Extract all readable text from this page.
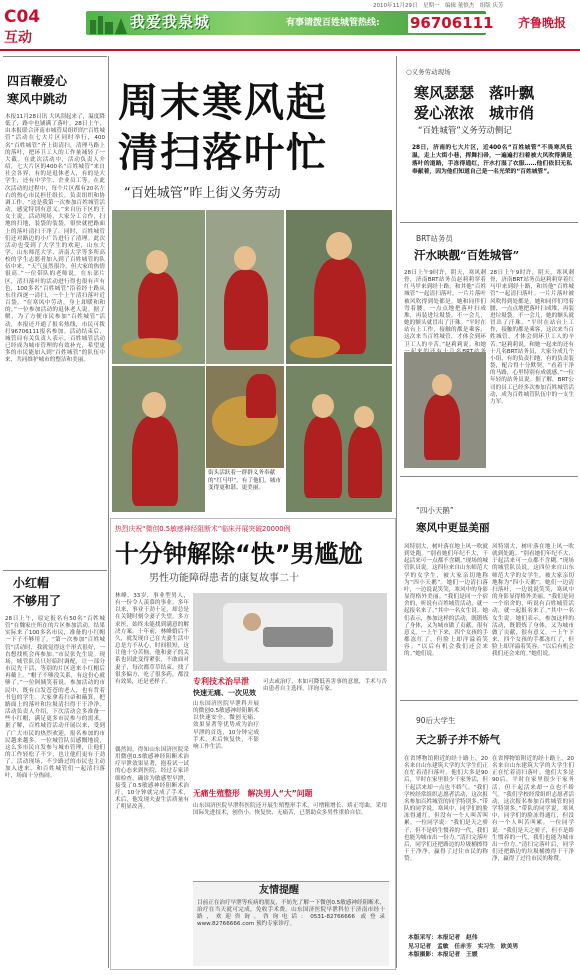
C04
互动
2010年11月29日　星期一　编辑 董慎杰　组版 庆芳
我爱我泉城	有事请拨百姓城管热线: 96706111 齐鲁晚报
四百鞭爱心
寒风中跳动
本报11月28日讯 大风刮起来了，温度降低了，路中也铺满了落叶。28日上午，由本报联合济南市城管局组织的“百姓城管”活动在七大片区同时举行，400名“百姓城管”齐上街清扫，清理马路上的落叶，把环卫工人的工作量减轻了一大截。在此次活动中，活动负责人介绍，七大片区的400名“百姓城管”来自社会各界，有的是退休老人，有的是大学生，还有中学生、企业员工等。在此次活动的过程中，每个片区都有20名左右的热心市民担任组长，负责组织和协调工作。“这是我第一次参加百姓城管活动，感觉特别有意义。”来自历下区的王女士说。活动现场，大家分工合作，扫地的扫地，装袋的装袋，很快就把路面上的落叶清扫干净了。同时，百姓城管们还对路边的小广告进行了清理。此次活动也受到了大学生的欢迎，山东大学、山东师范大学、济南大学等多所高校的学生志愿者加入到了百姓城管的队伍中来。“天气虽然很冷，但大家的热情很高。”一位带队的老师说。在东部片区，清扫落叶的活动进行得也很有声有色，100多名“百姓城管”沿着经十路从东往西逐一清扫，一个上午清扫落叶近百袋。“在寒风中劳动，身上却暖和和的。”一位参加活动的退休老人说。据了解，为了方便市民参加“百姓城管”活动，本报还开通了报名热线，市民可拨打96706111报名参加。活动结束后，城管局有关负责人表示，百姓城管活动已经成为城市管理的有效补充，希望更多的市民能加入到“百姓城管”的队伍中来，共同维护城市的整洁和美丽。
小红帽
不够用了
28日上午，原定报名有50名“百姓城管”在魏家庄所在的片区参加活动，结果实际来了100多名市民，准备的小红帽一下子不够用了。“第一次参加“百姓城管”活动时，我就觉得这个形式很好，一直想找机会再参加。”市民张先生说。现场，城管队员只好临时调配，让一部分市民先干活，等别的片区送来小红帽后再戴上。“帽子不够没关系，有这份心就够了。”一位阿姨笑着说。参加活动的市民中，既有白发苍苍的老人，也有背着书包的学生。大家拿着扫帚和簸箕，把路面上的落叶和垃圾清扫得干干净净。活动负责人介绍，下次活动会多准备一些小红帽，满足更多市民参与的需求。据了解，百姓城管活动开展以来，受到了广大市民的热烈欢迎，报名参加的市民越来越多。一位城管队员感慨地说，这么多市民自发参与城市管理，让他们的工作轻松了不少，也让他们更有干劲了。活动现场，不少路过的市民也主动加入进来，和百姓城管们一起清扫落叶，场面十分热闹。
周末寒风起
清扫落叶忙
“百姓城管”昨上街义务劳动
街头活跃着一群群义务奉献的“红马甲”，有了他们，城市变得更和谐、更美丽。
○义务劳动现场
寒风瑟瑟　落叶飘
爱心浓浓　城市俏
“百姓城管”义务劳动侧记
28日，济南的七大片区，近400名“百姓城管”不畏寒风低温，走上大街小巷，挥舞扫帚，一遍遍打扫着被大风吹得满是落叶的道路，手冻得通红，汗水打湿了衣服……他们依旧无私奉献着，因为他们知道自己是一名光荣的“百姓城管”。
BRT站务员
汗水映靓“百姓城管”
28日上午9时许，阴天，寒风刺骨，济南BRT站务员赵莉莉穿着红马甲来到经十路，和其他“百姓城管”一起清扫落叶。一片片落叶被风吹得到处都是，她和同伴们弯着腰，一点点地把落叶扫成堆，再装进垃圾袋。不一会儿，她的额头就冒出了汗珠。“平时在站台上工作，接触的都是乘客，这次来当百姓城管，才体会到环卫工人的辛苦。”赵莉莉说。和她
28日上午9时许，阴天，寒风刺骨，济南BRT站务员赵莉莉穿着红马甲来到经十路，和其他“百姓城管”一起清扫落叶。一片片落叶被风吹得到处都是，她和同伴们弯着腰，一点点地把落叶扫成堆，再装进垃圾袋。不一会儿，她的额头就冒出了汗珠。“平时在站台上工作，接触的都是乘客，这次来当百姓城管，才体会到环卫工人的辛苦。”赵莉莉说。和她一起来的还有十几名BRT站务员，大家分成几个小组，有的负责扫地，有的负责装袋，配合得十分默契。“看着干净的马路，心里特别有成就感。”一位年轻的站务员说。据了解，BRT公司的员工已经多次参加百姓城管活动，成为百姓城管队伍中的一支生力军。
“四小天鹅”
寒风中更显美丽
风特别大，树叶落在地上风一吹就到处跑。“别看她们年纪不大，干起活来可一点都不含糊。”现场的城管队员说。这四位来自山东师范大学的女学生，被大家亲切地称为“四小天鹅”。她们一边清扫落叶，一边说说笑笑，寒风中的身影显得格外美丽。“我们是同一个宿舍的，听说有百姓城管活动，就一起报名来了。”其中一名女生说。她们表示，参加这样的活动，既锻炼了身体，又为城市做了贡献，很有意义。一上午下来，四个女孩的手都冻红了，但脸上却洋溢着笑容。“以后有机会我们还会来的。”她们说。
风特别大，树叶落在地上风一吹就到处跑。“别看她们年纪不大，干起活来可一点都不含糊。”现场的城管队员说。这四位来自山东师范大学的女学生，被大家亲切地称为“四小天鹅”。她们一边清扫落叶，一边说说笑笑，寒风中的身影显得格外美丽。“我们是同一个宿舍的，听说有百姓城管活动，就一起报名来了。”其中一名女生说。她们表示，参加这样的活动，既锻炼了身体，又为城市做了贡献，很有意义。一上午下来，四个女孩的手都冻红了，但脸上却洋溢着笑容。“以后有机会我们还会来的。”她们说。
90后大学生
天之骄子并不娇气
在省博物馆附近的经十路上，20名来自山东建筑大学的大学生们正在忙着清扫落叶。他们大多是90后，平时在家里很少干家务活，但干起活来却一点也不娇气。“我们学校经常组织志愿者活动，这次报名参加百姓城管的同学特别多。”带队的同学说。寒风中，同学们的脸冻得通红，但没有一个人叫苦叫累。一位同学说：“我们是天之骄子，但不是娇生惯养的一代，我们也能为城市出一份力。”清扫完落叶后，同学们还把路边的垃圾桶擦得干干净净，赢得了过往市民的称赞。
在省博物馆附近的经十路上，20名来自山东建筑大学的大学生们正在忙着清扫落叶。他们大多是90后，平时在家里很少干家务活，但干起活来却一点也不娇气。“我们学校经常组织志愿者活动，这次报名参加百姓城管的同学特别多。”带队的同学说。寒风中，同学们的脸冻得通红，但没有一个人叫苦叫累。一位同学说：“我们是天之骄子，但不是娇生惯养的一代，我们也能为城市出一份力。”清扫完落叶后，同学们还把路边的垃圾桶擦得干干净净，赢得了过往市民的称赞。
本版采写：本报记者　赵伟
见习记者　孟敏　任赤芳　实习生　欧美男
本版摄影：本报记者　王媛
热烈庆祝“微创0.5敏感神经阻断术”临床开展突破20000例
十分钟解除“快”男尴尬
男性功能障碍患者的康复故事二十
林峰，33岁，事业型男人，有一份令人羡慕的事业。多年以来，事业干劲十足，却总是在关键时刻令妻子失望。多方求医，始终未能找到满意的解决方案。十年前，林峰婚后不久，就发现自己在夫妻生活中总是力不从心，时间很短，这让他十分苦恼，他和妻子的关系也因此变得紧张，不敢面对妻子，每次都草草结束，找了很多偏方，吃了很多药，都没有效果，还是老样子。	专利技术治早泄
快速无痛、一次见效
山东国济医院早泄科开展的微创0.5敏感神经阻断术以快速安全、微创无痛、效果显著等优势成为治疗早泄的首选，10分钟完成手术，术后恢复快，不影响工作生活。
可去或治疗，本如可降低善害事的意愿，手术与否由患者自主选择，详询专家。
偶然间，得知山东国济医院采用微创0.5敏感神经阻断术治疗早泄效果显著，抱着试一试的心态来到医院，经过专家详细检查，确诊为敏感型早泄，接受了0.5敏感神经阻断术治疗，10分钟就完成了手术，术后，他发现夫妻生活质量有了明显改善。
无痛生殖整形　解决男人“大”问题
山东国济医院早泄科医院还开展生殖整形手术，可增粗增长、矫正弯曲，采用国际先进技术，创伤小、恢复快、无痛苦，已帮助众多男性重拾自信。
友情提醒
目前正在治疗早泄等疾病的朋友，不妨先了解一下微创0.5敏感神经阻断术，治疗在当天就可完成，免收手术费。山东国济医院早泄科位于济南市经十路，欢迎咨询。咨询电话：0531-82766666 或登录 www.82766666.com 预约专家诊疗。
